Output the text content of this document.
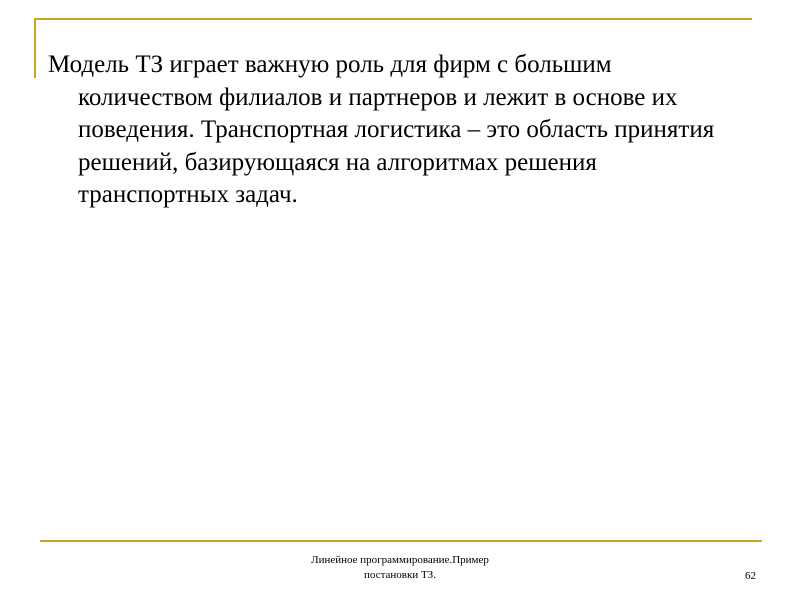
Модель ТЗ играет важную роль для фирм с большим количеством филиалов и партнеров и лежит в основе их поведения. Транспортная логистика – это область принятия решений, базирующаяся на алгоритмах решения транспортных задач.

Линейное программирование.Пример
постановки ТЗ.	62
